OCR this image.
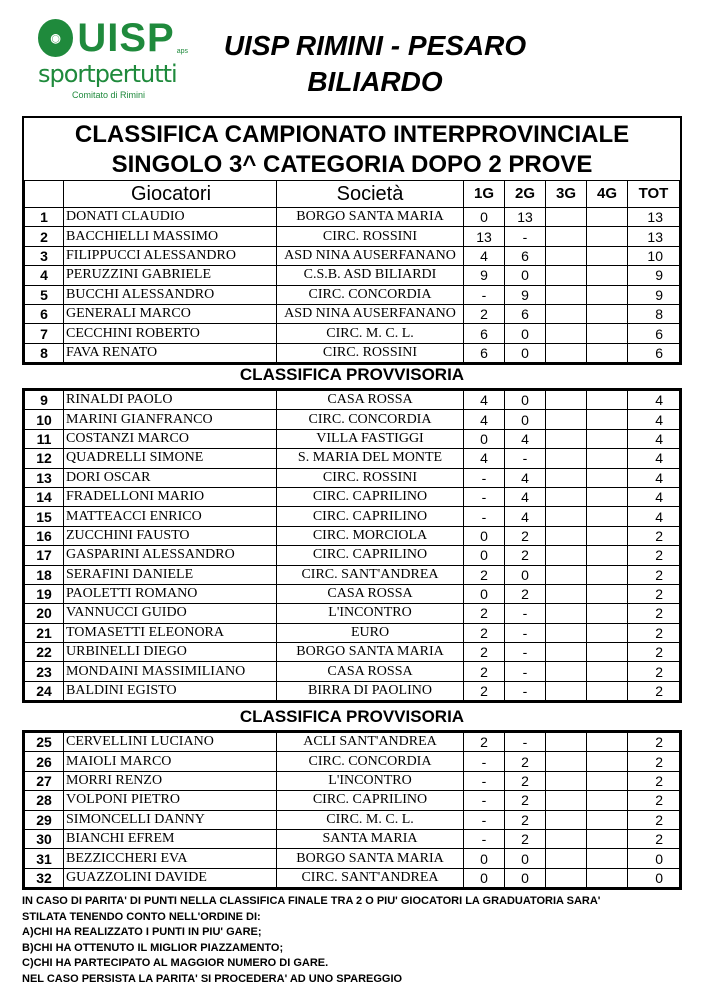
◉ UISP aps
sportpertutti
Comitato di Rimini
UISP RIMINI - PESARO
BILIARDO
CLASSIFICA CAMPIONATO INTERPROVINCIALE
SINGOLO 3^ CATEGORIA DOPO 2 PROVE
	Giocatori	Società	1G	2G	3G	4G	TOT
1	DONATI CLAUDIO	BORGO SANTA MARIA	0	13			13
2	BACCHIELLI MASSIMO	CIRC. ROSSINI	13	-			13
3	FILIPPUCCI ALESSANDRO	ASD NINA AUSERFANANO	4	6			10
4	PERUZZINI GABRIELE	C.S.B. ASD BILIARDI	9	0			9
5	BUCCHI ALESSANDRO	CIRC. CONCORDIA	-	9			9
6	GENERALI MARCO	ASD NINA AUSERFANANO	2	6			8
7	CECCHINI ROBERTO	CIRC. M. C. L.	6	0			6
8	FAVA RENATO	CIRC. ROSSINI	6	0			6
CLASSIFICA PROVVISORIA
9	RINALDI PAOLO	CASA ROSSA	4	0			4
10	MARINI GIANFRANCO	CIRC. CONCORDIA	4	0			4
11	COSTANZI MARCO	VILLA FASTIGGI	0	4			4
12	QUADRELLI SIMONE	S. MARIA DEL MONTE	4	-			4
13	DORI OSCAR	CIRC. ROSSINI	-	4			4
14	FRADELLONI MARIO	CIRC. CAPRILINO	-	4			4
15	MATTEACCI ENRICO	CIRC. CAPRILINO	-	4			4
16	ZUCCHINI FAUSTO	CIRC. MORCIOLA	0	2			2
17	GASPARINI ALESSANDRO	CIRC. CAPRILINO	0	2			2
18	SERAFINI DANIELE	CIRC. SANT'ANDREA	2	0			2
19	PAOLETTI ROMANO	CASA ROSSA	0	2			2
20	VANNUCCI GUIDO	L'INCONTRO	2	-			2
21	TOMASETTI ELEONORA	EURO	2	-			2
22	URBINELLI DIEGO	BORGO SANTA MARIA	2	-			2
23	MONDAINI MASSIMILIANO	CASA ROSSA	2	-			2
24	BALDINI EGISTO	BIRRA DI PAOLINO	2	-			2
CLASSIFICA PROVVISORIA
25	CERVELLINI LUCIANO	ACLI SANT'ANDREA	2	-			2
26	MAIOLI MARCO	CIRC. CONCORDIA	-	2			2
27	MORRI RENZO	L'INCONTRO	-	2			2
28	VOLPONI PIETRO	CIRC. CAPRILINO	-	2			2
29	SIMONCELLI DANNY	CIRC. M. C. L.	-	2			2
30	BIANCHI EFREM	SANTA MARIA	-	2			2
31	BEZZICCHERI EVA	BORGO SANTA MARIA	0	0			0
32	GUAZZOLINI DAVIDE	CIRC. SANT'ANDREA	0	0			0
IN CASO DI PARITA' DI PUNTI NELLA CLASSIFICA FINALE TRA 2 O PIU' GIOCATORI LA GRADUATORIA SARA'
STILATA TENENDO CONTO NELL'ORDINE DI:
A)CHI HA REALIZZATO I PUNTI IN PIU' GARE;
B)CHI HA OTTENUTO IL MIGLIOR PIAZZAMENTO;
C)CHI HA PARTECIPATO AL MAGGIOR NUMERO DI GARE.
NEL CASO PERSISTA LA PARITA' SI PROCEDERA' AD UNO SPAREGGIO
